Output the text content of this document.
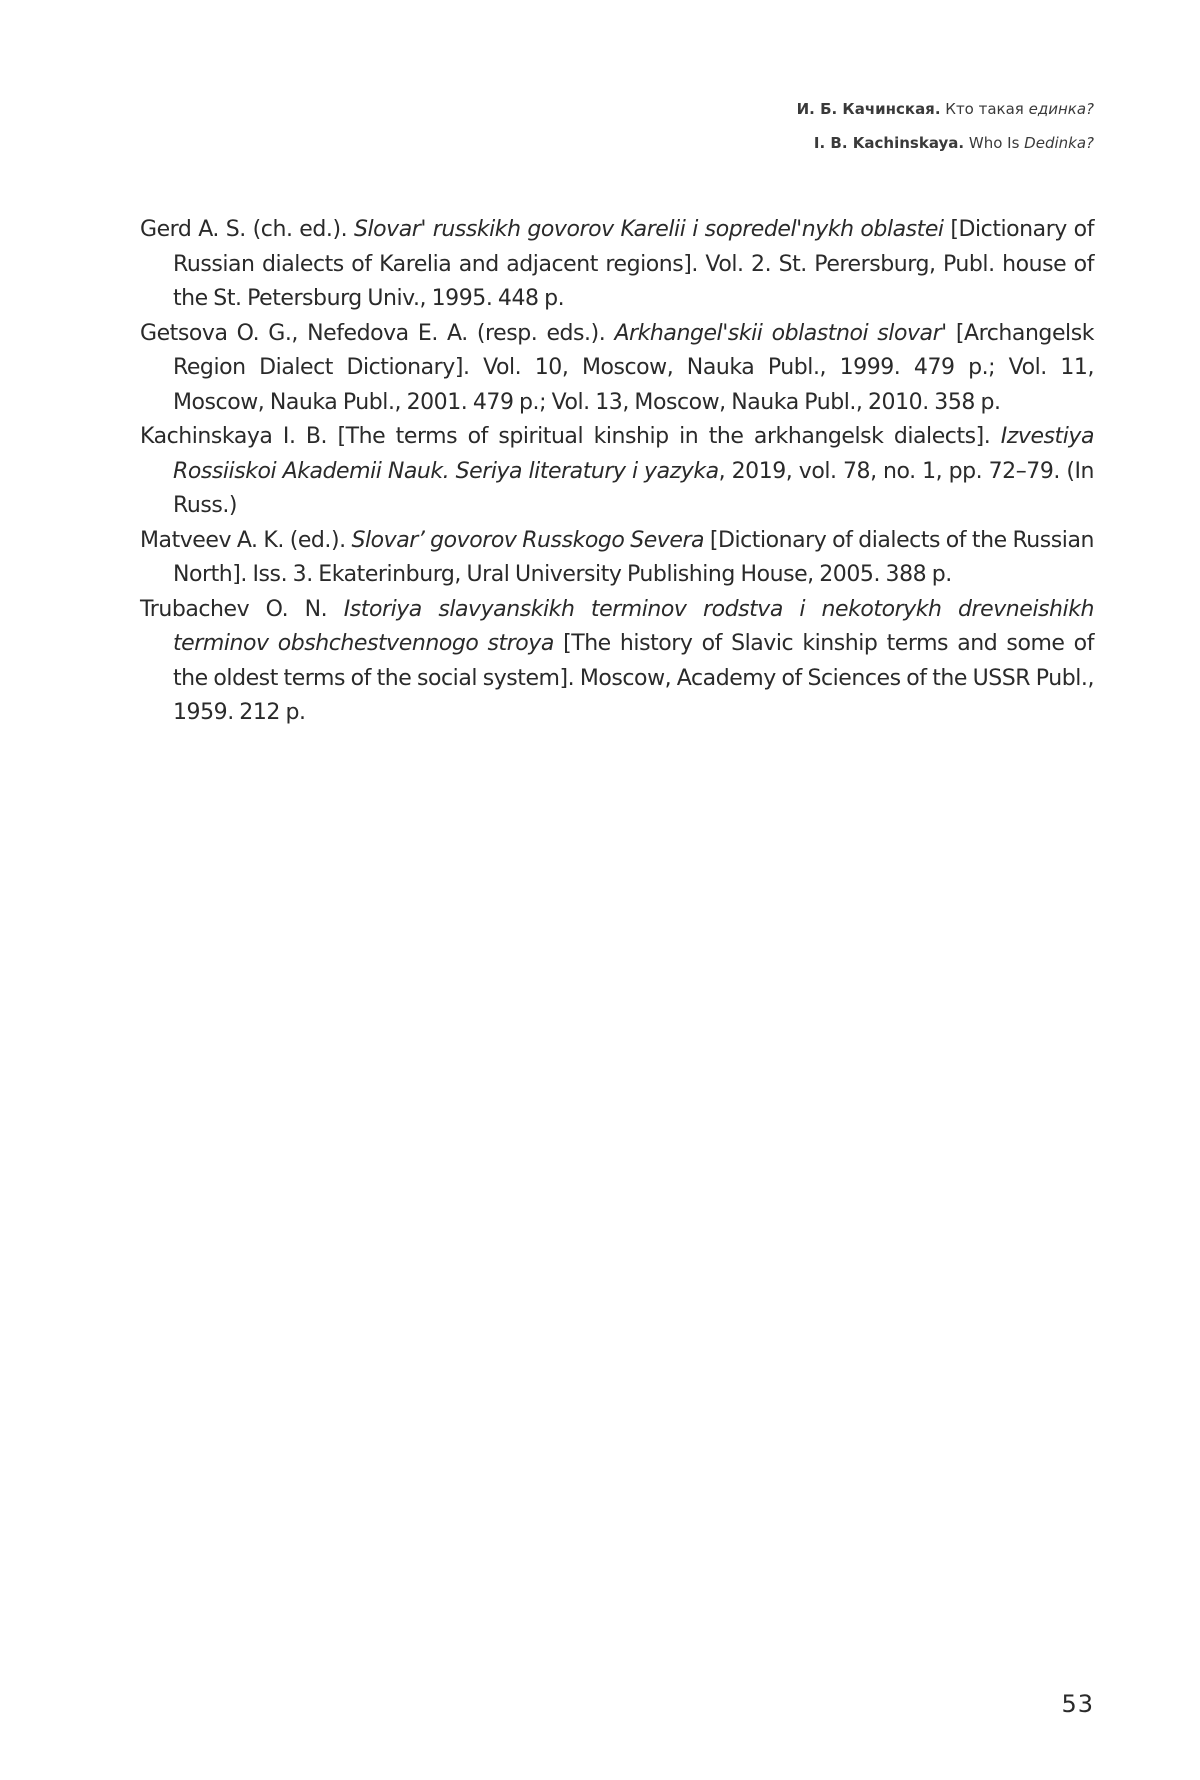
И. Б. Качинская. Кто такая единка?
I. B. Kachinskaya. Who Is Dedinka?
Gerd A. S. (ch. ed.). Slovar' russkikh govorov Karelii i sopredel'nykh oblastei [Dictionary of Russian dialects of Karelia and adjacent regions]. Vol. 2. St. Perersburg, Publ. house of the St. Petersburg Univ., 1995. 448 p.
Getsova O. G., Nefedova E. A. (resp. eds.). Arkhangel'skii oblastnoi slovar' [Archangelsk Region Dialect Dictionary]. Vol. 10, Moscow, Nauka Publ., 1999. 479 p.; Vol. 11, Moscow, Nauka Publ., 2001. 479 p.; Vol. 13, Moscow, Nauka Publ., 2010. 358 p.
Kachinskaya I. B. [The terms of spiritual kinship in the arkhangelsk dialects]. Izvestiya Rossiiskoi Akademii Nauk. Seriya literatury i yazyka, 2019, vol. 78, no. 1, pp. 72–79. (In Russ.)
Matveev A. K. (ed.). Slovar’ govorov Russkogo Severa [Dictionary of dialects of the Russian North]. Iss. 3. Ekaterinburg, Ural University Publishing House, 2005. 388 p.
Trubachev O. N. Istoriya slavyanskikh terminov rodstva i nekotorykh drevneishikh terminov obshchestvennogo stroya [The history of Slavic kinship terms and some of the oldest terms of the social system]. Moscow, Academy of Sciences of the USSR Publ., 1959. 212 p.
53
